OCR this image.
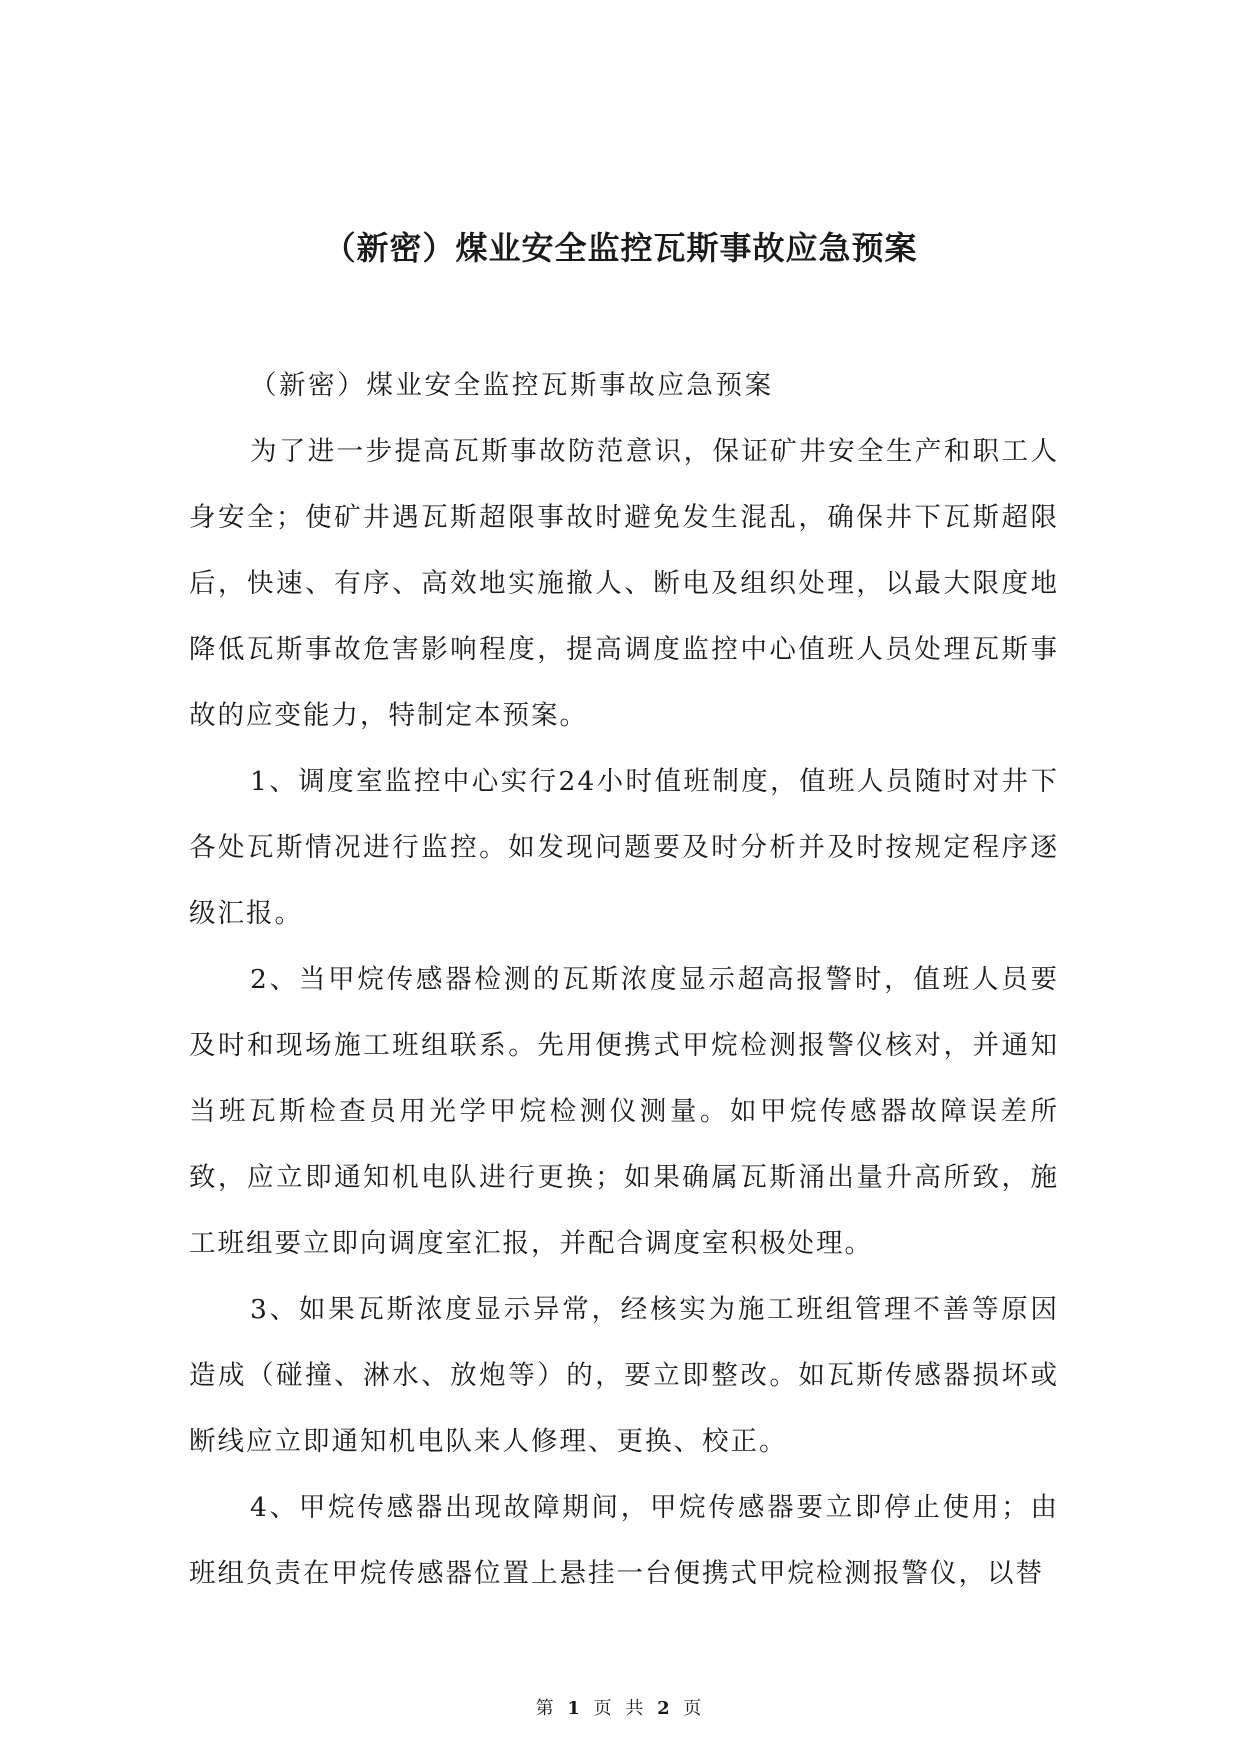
（新密）煤业安全监控瓦斯事故应急预案

（新密）煤业安全监控瓦斯事故应急预案

为了进一步提高瓦斯事故防范意识，保证矿井安全生产和职工人身安全；使矿井遇瓦斯超限事故时避免发生混乱，确保井下瓦斯超限后，快速、有序、高效地实施撤人、断电及组织处理，以最大限度地降低瓦斯事故危害影响程度，提高调度监控中心值班人员处理瓦斯事故的应变能力，特制定本预案。

1、调度室监控中心实行24小时值班制度，值班人员随时对井下各处瓦斯情况进行监控。如发现问题要及时分析并及时按规定程序逐级汇报。

2、当甲烷传感器检测的瓦斯浓度显示超高报警时，值班人员要及时和现场施工班组联系。先用便携式甲烷检测报警仪核对，并通知当班瓦斯检查员用光学甲烷检测仪测量。如甲烷传感器故障误差所致，应立即通知机电队进行更换；如果确属瓦斯涌出量升高所致，施工班组要立即向调度室汇报，并配合调度室积极处理。

3、如果瓦斯浓度显示异常，经核实为施工班组管理不善等原因造成（碰撞、淋水、放炮等）的，要立即整改。如瓦斯传感器损坏或断线应立即通知机电队来人修理、更换、校正。

4、甲烷传感器出现故障期间，甲烷传感器要立即停止使用；由班组负责在甲烷传感器位置上悬挂一台便携式甲烷检测报警仪，以替

第 1 页 共 2 页
